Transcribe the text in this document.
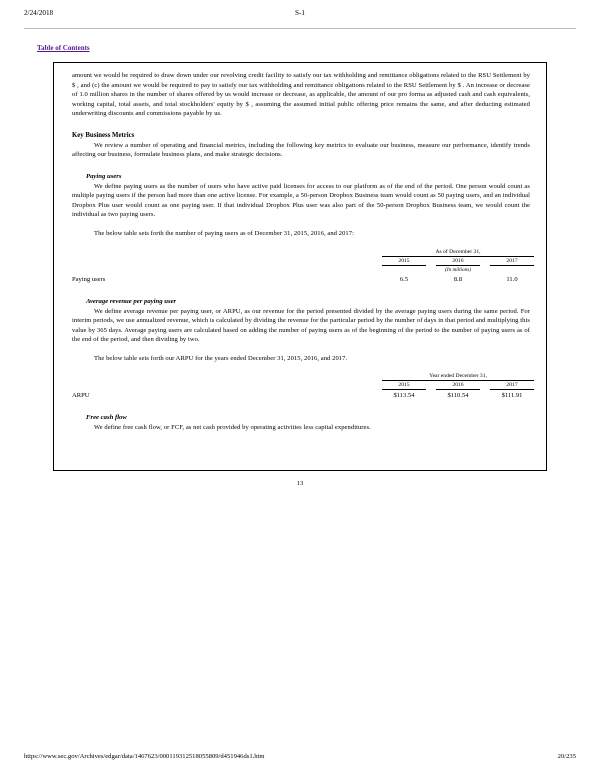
2/24/2018	S-1
Table of Contents

amount we would be required to draw down under our revolving credit facility to satisfy our tax withholding and remittance obligations related to the RSU Settlement by $ , and (c) the amount we would be required to pay to satisfy our tax withholding and remittance obligations related to the RSU Settlement by $ . An increase or decrease of 1.0 million shares in the number of shares offered by us would increase or decrease, as applicable, the amount of our pro forma as adjusted cash and cash equivalents, working capital, total assets, and total stockholders' equity by $ , assuming the assumed initial public offering price remains the same, and after deducting estimated underwriting discounts and commissions payable by us.

Key Business Metrics

We review a number of operating and financial metrics, including the following key metrics to evaluate our business, measure our performance, identify trends affecting our business, formulate business plans, and make strategic decisions.

Paying users

We define paying users as the number of users who have active paid licenses for access to our platform as of the end of the period. One person would count as multiple paying users if the person had more than one active license. For example, a 50-person Dropbox Business team would count as 50 paying users, and an individual Dropbox Plus user would count as one paying user. If that individual Dropbox Plus user was also part of the 50-person Dropbox Business team, we would count the individual as two paying users.

The below table sets forth the number of paying users as of December 31, 2015, 2016, and 2017:

		As of December 31,				
		2015		2016		2017
		(In millions)				
Paying users		6.5		8.8		11.0
Average revenue per paying user

We define average revenue per paying user, or ARPU, as our revenue for the period presented divided by the average paying users during the same period. For interim periods, we use annualized revenue, which is calculated by dividing the revenue for the particular period by the number of days in that period and multiplying this value by 365 days. Average paying users are calculated based on adding the number of paying users as of the beginning of the period to the number of paying users as of the end of the period, and then dividing by two.

The below table sets forth our ARPU for the years ended December 31, 2015, 2016, and 2017.

		Year ended December 31,				
		2015		2016		2017
ARPU		$113.54		$110.54		$111.91
Free cash flow

We define free cash flow, or FCF, as net cash provided by operating activities less capital expenditures.

13
https://www.sec.gov/Archives/edgar/data/1467623/000119312518055809/d451946ds1.htm	20/235
